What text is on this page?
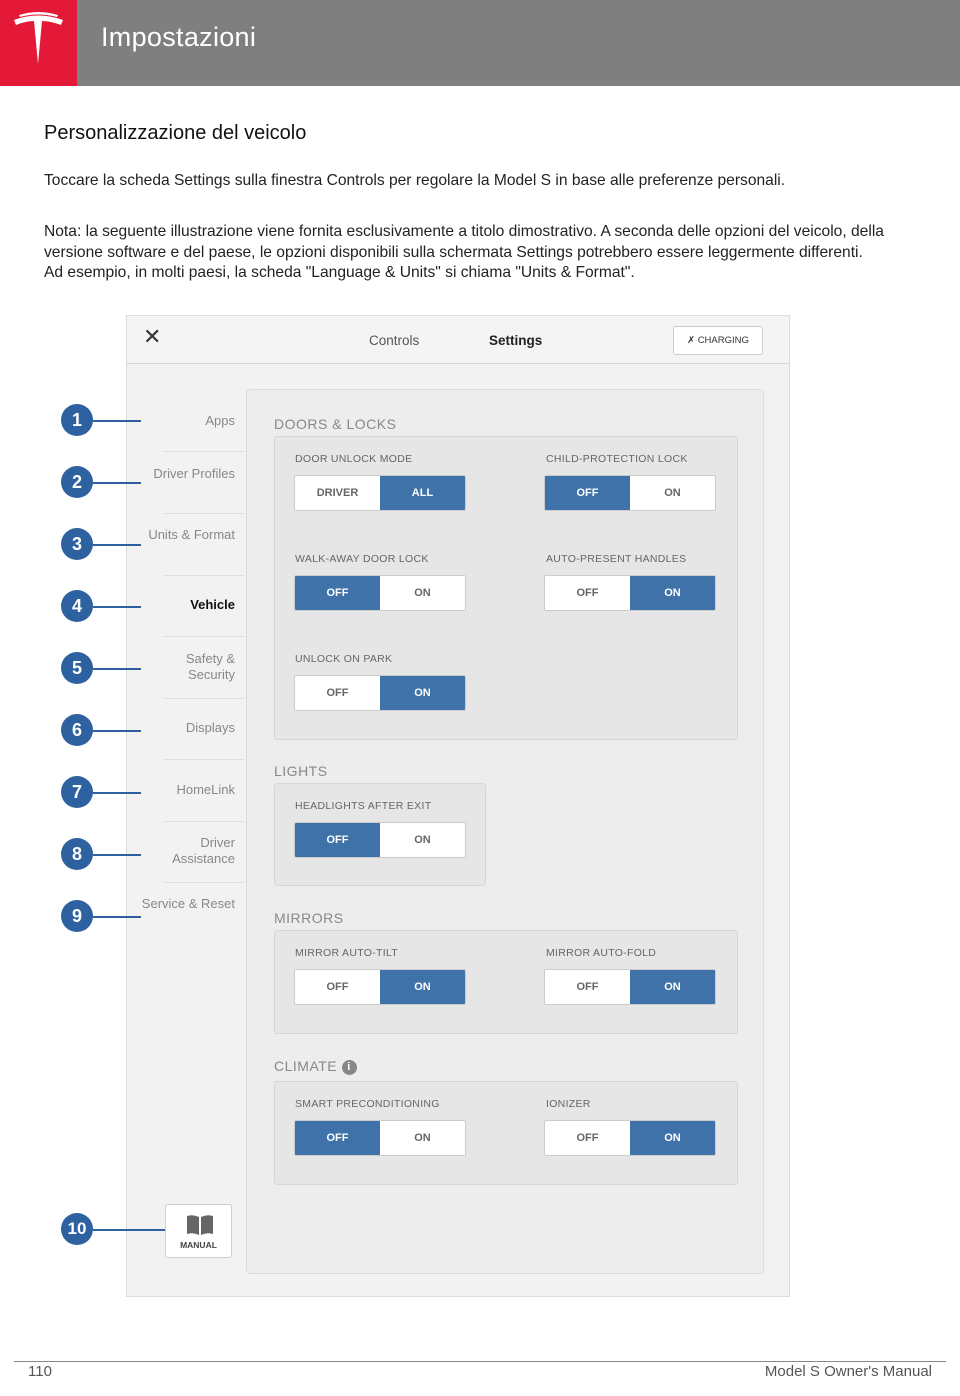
Impostazioni
Personalizzazione del veicolo
Toccare la scheda Settings sulla finestra Controls per regolare la Model S in base alle preferenze personali.
Nota: la seguente illustrazione viene fornita esclusivamente a titolo dimostrativo. A seconda delle opzioni del veicolo, della versione software e del paese, le opzioni disponibili sulla schermata Settings potrebbero essere leggermente differenti. Ad esempio, in molti paesi, la scheda "Language & Units" si chiama "Units & Format".
✕	Controls	Settings	✗ CHARGING
Apps
Driver Profiles
Units & Format
Vehicle
Safety & Security
Displays
HomeLink
Driver Assistance
Service & Reset
MANUAL
DOORS & LOCKS
DOOR UNLOCK MODE
DRIVER	ALL
CHILD-PROTECTION LOCK
OFF	ON
WALK-AWAY DOOR LOCK
OFF	ON
AUTO-PRESENT HANDLES
OFF	ON
UNLOCK ON PARK
OFF	ON
LIGHTS
HEADLIGHTS AFTER EXIT
OFF	ON
MIRRORS
MIRROR AUTO-TILT
OFF	ON
MIRROR AUTO-FOLD
OFF	ON
CLIMATE i
SMART PRECONDITIONING
OFF	ON
IONIZER
OFF	ON
1
2
3
4
5
6
7
8
9
10
110	Model S Owner's Manual
